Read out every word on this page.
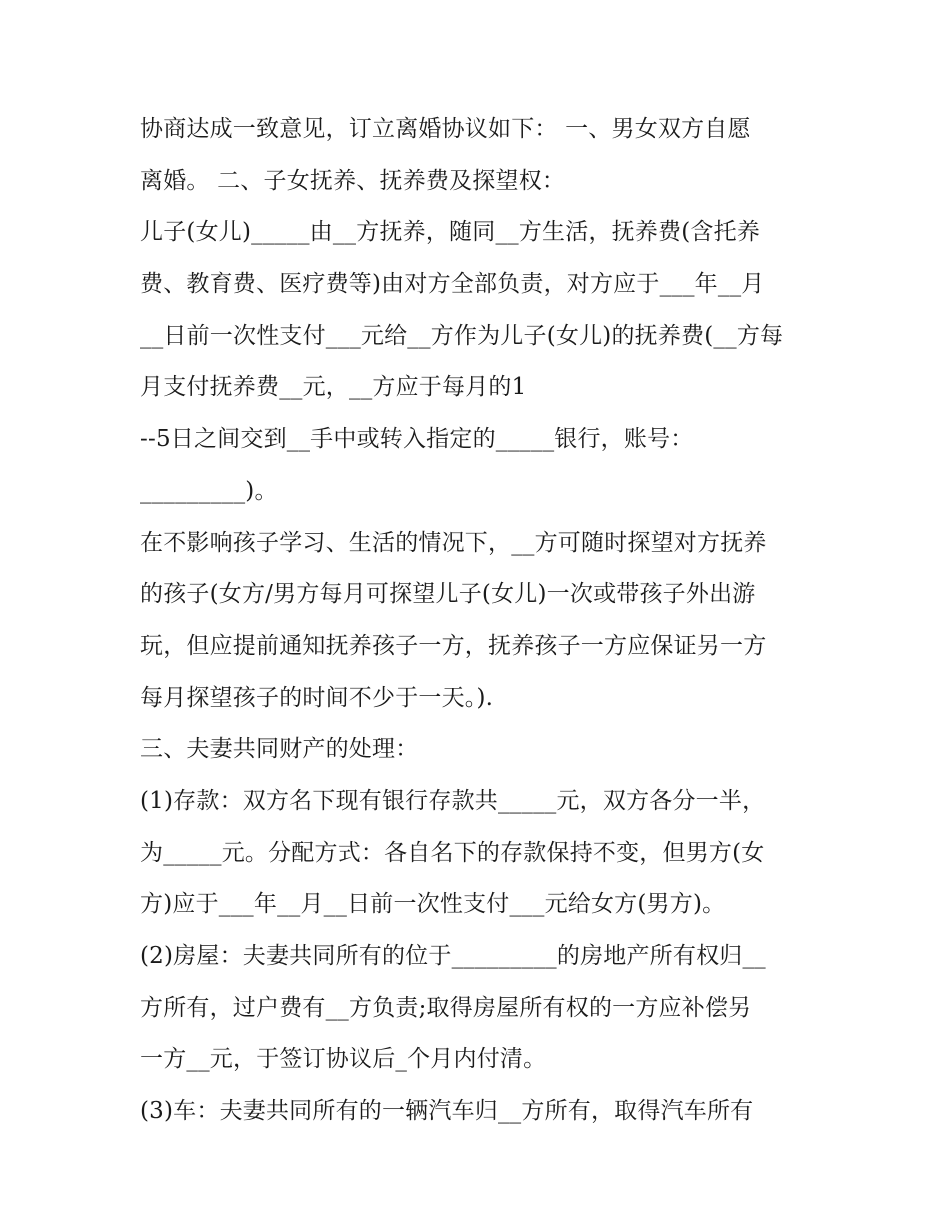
协商达成一致意见，订立离婚协议如下： 一、男女双方自愿
离婚。 二、子女抚养、抚养费及探望权：
儿子(女儿)_____由__方抚养，随同__方生活，抚养费(含托养
费、教育费、医疗费等)由对方全部负责，对方应于___年__月
__日前一次性支付___元给__方作为儿子(女儿)的抚养费(__方每
月支付抚养费__元，__方应于每月的1
--5日之间交到__手中或转入指定的_____银行，账号：
_________)。
在不影响孩子学习、生活的情况下，__方可随时探望对方抚养
的孩子(女方/男方每月可探望儿子(女儿)一次或带孩子外出游
玩，但应提前通知抚养孩子一方，抚养孩子一方应保证另一方
每月探望孩子的时间不少于一天。).
三、夫妻共同财产的处理：
(1)存款：双方名下现有银行存款共_____元，双方各分一半，
为_____元。分配方式：各自名下的存款保持不变，但男方(女
方)应于___年__月__日前一次性支付___元给女方(男方)。
(2)房屋：夫妻共同所有的位于_________的房地产所有权归__
方所有，过户费有__方负责;取得房屋所有权的一方应补偿另
一方__元，于签订协议后_个月内付清。
(3)车：夫妻共同所有的一辆汽车归__方所有，取得汽车所有
